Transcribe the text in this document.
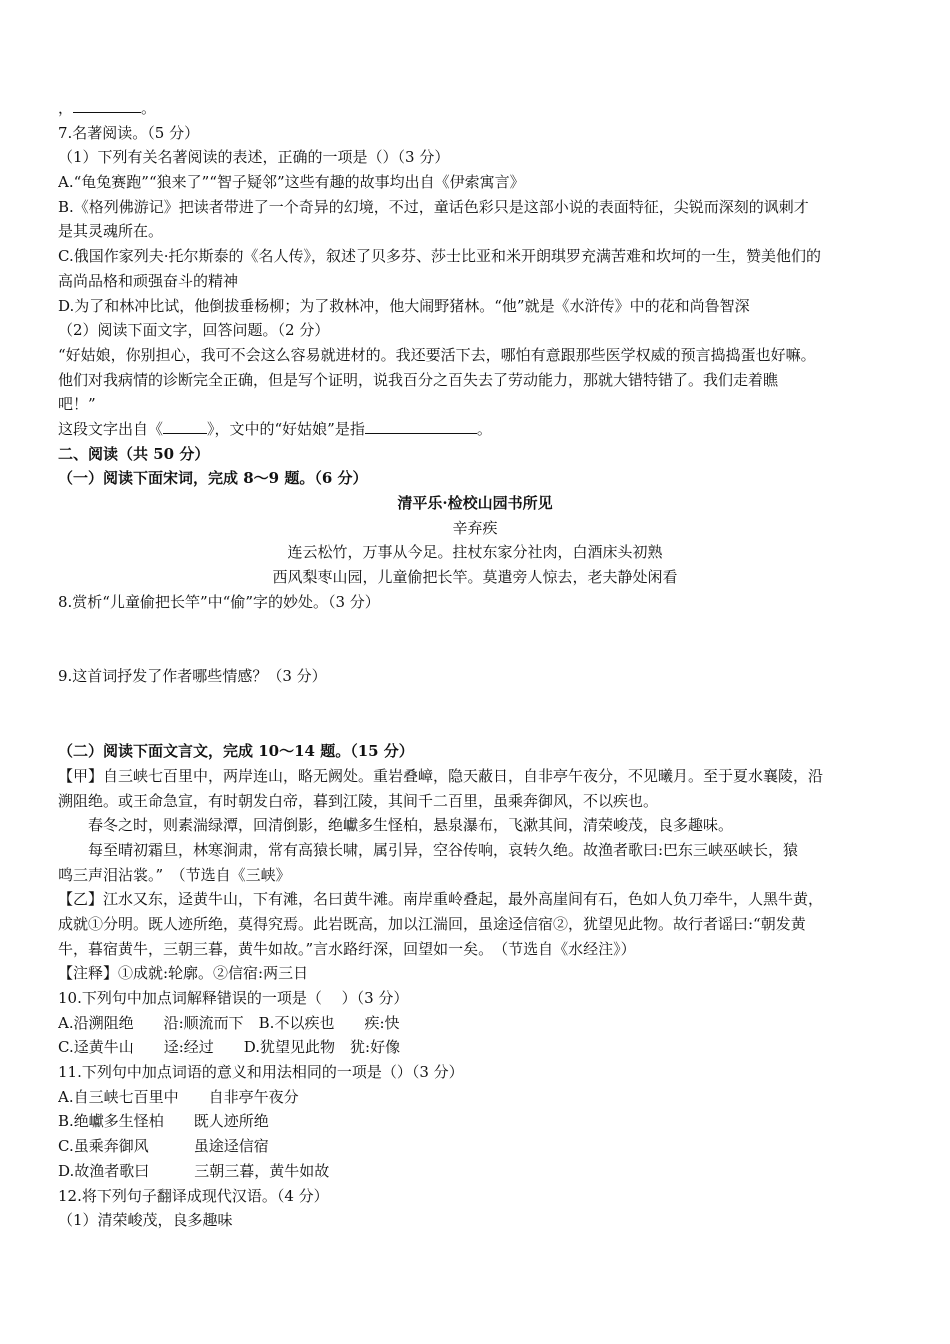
，	。
7.名著阅读。（5 分）
（1）下列有关名著阅读的表述，正确的一项是（）（3 分）
A.“龟兔赛跑”“狼来了”“智子疑邻”这些有趣的故事均出自《伊索寓言》
B.《格列佛游记》把读者带进了一个奇异的幻境，不过，童话色彩只是这部小说的表面特征，尖锐而深刻的讽刺才
是其灵魂所在。
C.俄国作家列夫·托尔斯泰的《名人传》，叙述了贝多芬、莎士比亚和米开朗琪罗充满苦难和坎坷的一生，赞美他们的
高尚品格和顽强奋斗的精神
D.为了和林冲比试，他倒拔垂杨柳；为了救林冲，他大闹野猪林。“他”就是《水浒传》中的花和尚鲁智深
（2）阅读下面文字，回答问题。（2 分）
“好姑娘，你别担心，我可不会这么容易就进材的。我还要活下去，哪怕有意跟那些医学权威的预言捣捣蛋也好嘛。
他们对我病情的诊断完全正确，但是写个证明，说我百分之百失去了劳动能力，那就大错特错了。我们走着瞧
吧！”
这段文字出自《	》，文中的“好姑娘”是指	。
二、阅读（共 50 分）
（一）阅读下面宋词，完成 8～9 题。（6 分）
清平乐·检校山园书所见
辛弃疾
连云松竹，万事从今足。拄杖东家分社肉，白酒床头初熟
西风梨枣山园，儿童偷把长竿。莫遣旁人惊去，老夫静处闲看
8.赏析“儿童偷把长竿”中“偷”字的妙处。（3 分）
9.这首词抒发了作者哪些情感？（3 分）
（二）阅读下面文言文，完成 10～14 题。（15 分）
【甲】自三峡七百里中，两岸连山，略无阙处。重岩叠嶂，隐天蔽日，自非亭午夜分，不见曦月。至于夏水襄陵，沿
溯阻绝。或王命急宣，有时朝发白帝，暮到江陵，其间千二百里，虽乘奔御风，不以疾也。
春冬之时，则素湍绿潭，回清倒影，绝巘多生怪柏，悬泉瀑布，飞漱其间，清荣峻茂，良多趣味。
每至晴初霜旦，林寒涧肃，常有高猿长啸，属引异，空谷传响，哀转久绝。故渔者歌曰:巴东三峡巫峡长，猿
鸣三声泪沾裳。”　（节选自《三峡》
【乙】江水又东，迳黄牛山，下有滩，名曰黄牛滩。南岸重岭叠起，最外高崖间有石，色如人负刀牵牛，人黑牛黄，
成就①分明。既人迹所绝，莫得究焉。此岩既高，加以江湍回，虽途迳信宿②，犹望见此物。故行者谣曰:“朝发黄
牛，暮宿黄牛，三朝三暮，黄牛如故。”言水路纡深，回望如一矣。　（节选自《水经注》）
【注释】①成就:轮廓。②信宿:两三日
10.下列句中加点词解释错误的一项是（　 ）（3 分）
A.沿溯阻绝　　沿:顺流而下　B.不以疾也　　疾:快
C.迳黄牛山　　迳:经过　　D.犹望见此物　犹:好像
11.下列句中加点词语的意义和用法相同的一项是（）（3 分）
A.自三峡七百里中　　自非亭午夜分
B.绝巘多生怪柏　　既人迹所绝
C.虽乘奔御风　　　虽途迳信宿
D.故渔者歌曰　　　三朝三暮，黄牛如故
12.将下列句子翻译成现代汉语。（4 分）
（1）清荣峻茂，良多趣味
